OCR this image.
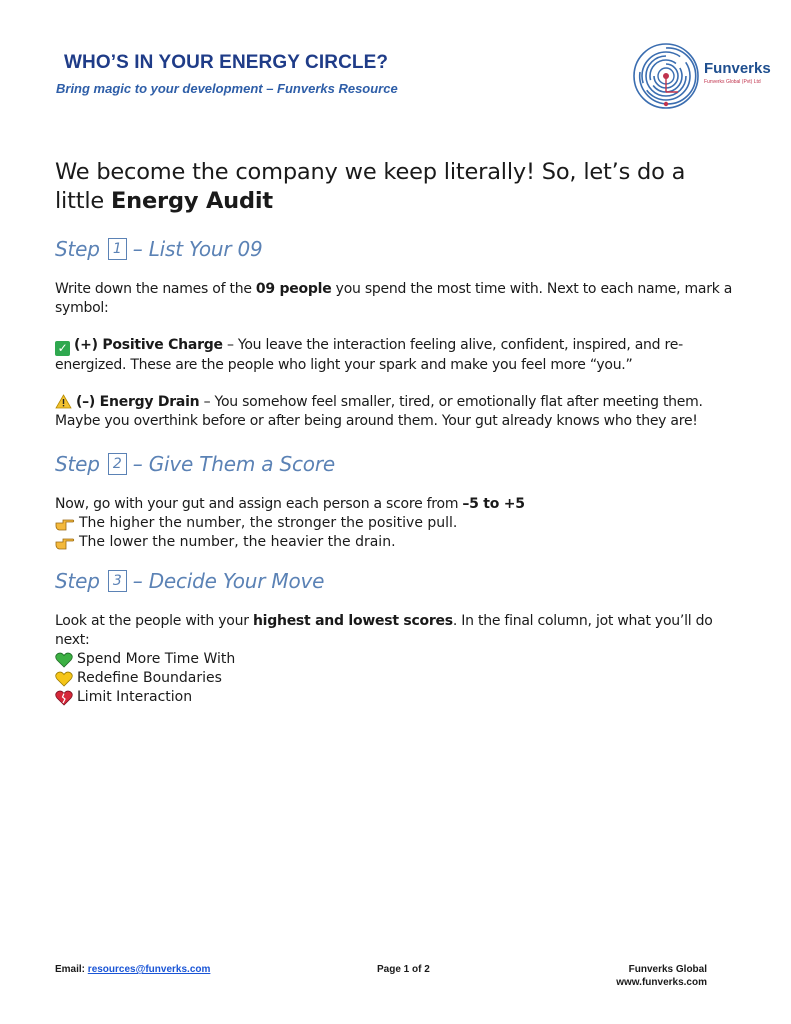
WHO’S IN YOUR ENERGY CIRCLE?
Bring magic to your development – Funverks Resource
Funverks
Funverks Global (Pvt) Ltd
We become the company we keep literally! So, let’s do a little Energy Audit
Step 1 – List Your 09

Write down the names of the 09 people you spend the most time with. Next to each name, mark a symbol:

✓ (+) Positive Charge – You leave the interaction feeling alive, confident, inspired, and re-energized. These are the people who light your spark and make you feel more “you.”

(–) Energy Drain – You somehow feel smaller, tired, or emotionally flat after meeting them. Maybe you overthink before or after being around them. Your gut already knows who they are!

Step 2 – Give Them a Score

Now, go with your gut and assign each person a score from –5 to +5

The higher the number, the stronger the positive pull.
The lower the number, the heavier the drain.
Step 3 – Decide Your Move

Look at the people with your highest and lowest scores. In the final column, jot what you’ll do next:

Spend More Time With
Redefine Boundaries
Limit Interaction
Email: resources@funverks.com	Page 1 of 2	Funverks Global
www.funverks.com
